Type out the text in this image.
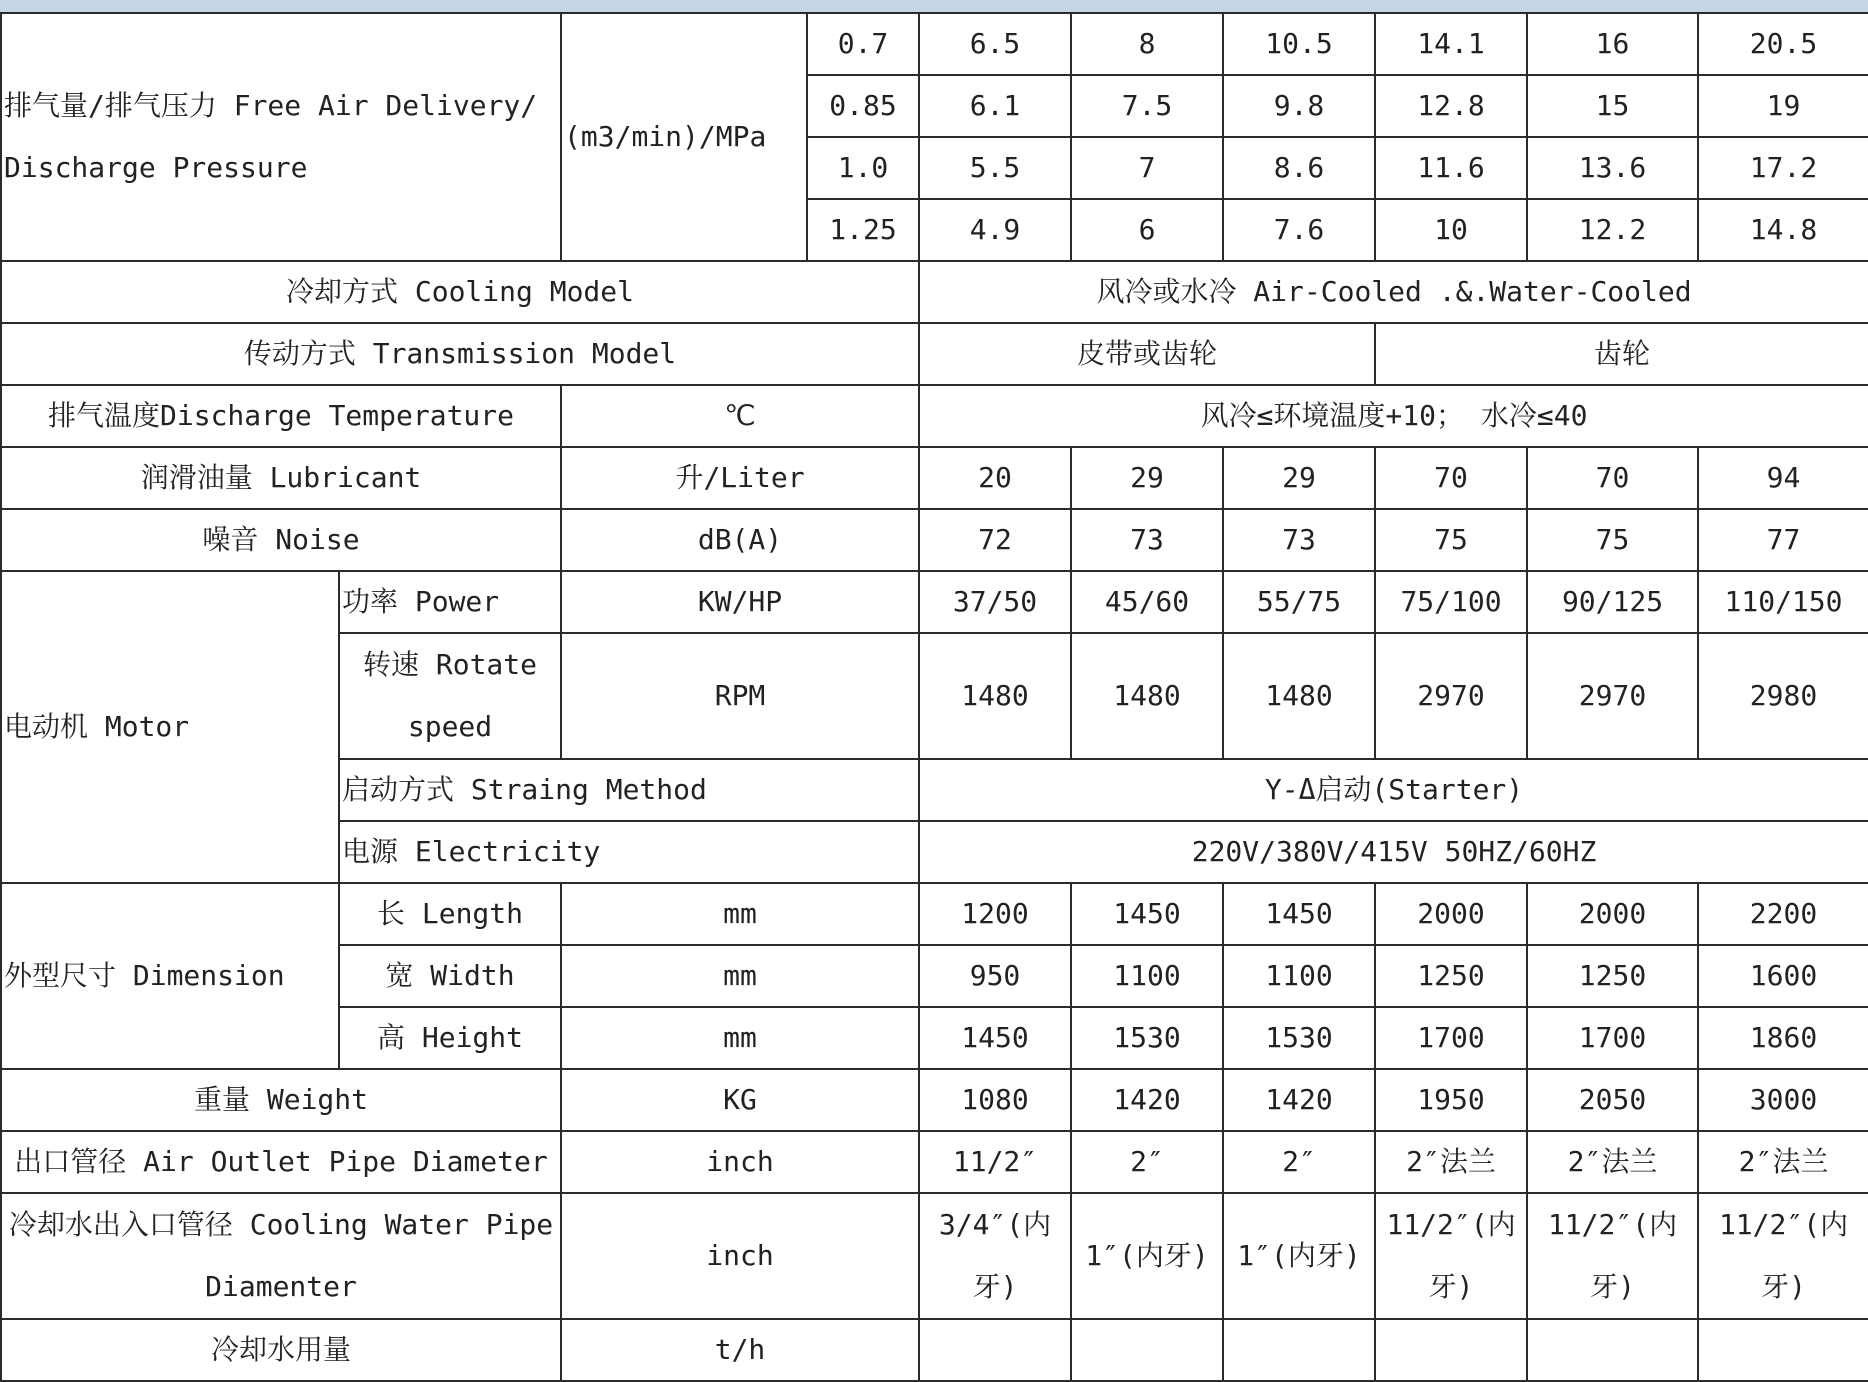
排气量/排气压力 Free Air Delivery/ Discharge Pressure		(m3/min)/MPa	0.7	6.5	8	10.5	14.1	16	20.5
			0.85	6.1	7.5	9.8	12.8	15	19
			1.0	5.5	7	8.6	11.6	13.6	17.2
			1.25	4.9	6	7.6	10	12.2	14.8
冷却方式 Cooling Model				风冷或水冷 Air-Cooled .&.Water-Cooled					
传动方式 Transmission Model				皮带或齿轮			齿轮		
排气温度Discharge Temperature		℃		风冷≤环境温度+10； 水冷≤40					
润滑油量 Lubricant		升/Liter		20	29	29	70	70	94
噪音 Noise		dB(A)		72	73	73	75	75	77
电动机 Motor	功率 Power	KW/HP		37/50	45/60	55/75	75/100	90/125	110/150
	转速 Rotate speed	RPM		1480	1480	1480	2970	2970	2980
	启动方式 Straing Method			Y-Δ启动(Starter)					
	电源 Electricity			220V/380V/415V 50HZ/60HZ					
外型尺寸 Dimension	长 Length	mm		1200	1450	1450	2000	2000	2200
	宽 Width	mm		950	1100	1100	1250	1250	1600
	高 Height	mm		1450	1530	1530	1700	1700	1860
重量 Weight		KG		1080	1420	1420	1950	2050	3000
出口管径 Air Outlet Pipe Diameter		inch		11/2″	2″	2″	2″法兰	2″法兰	2″法兰
冷却水出入口管径 Cooling Water Pipe Diamenter		inch		3/4″(内牙)	1″(内牙)	1″(内牙)	11/2″(内牙)	11/2″(内牙)	11/2″(内牙)
冷却水用量		t/h							
